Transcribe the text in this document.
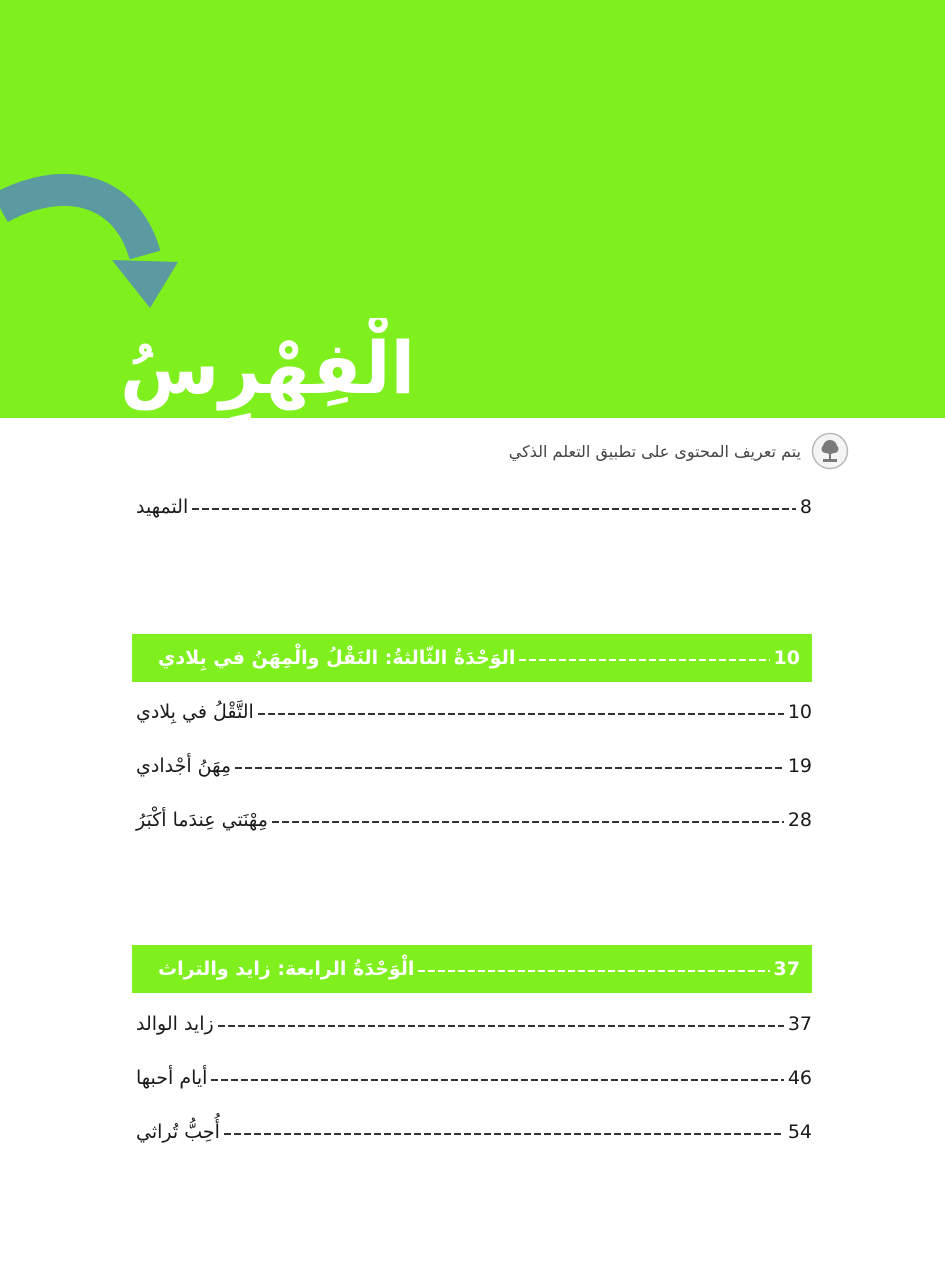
الْفِهْرِسُ
يتم تعريف المحتوى على تطبيق التعلم الذكي
التمهيد	8
الوَحْدَةُ الثّالثةُ: النَقْلُ والْمِهَنُ في بِلادي	10
التَّقْلُ في بِلادي	10
مِهَنُ أجْدادي	19
مِهْنَتي عِندَما أكْبَرُ	28
الْوَحْدَةُ الرابعة: زايد والتراث	37
زايد الوالد	37
أيام أحبها	46
أُحِبُّ تُراثي	54
